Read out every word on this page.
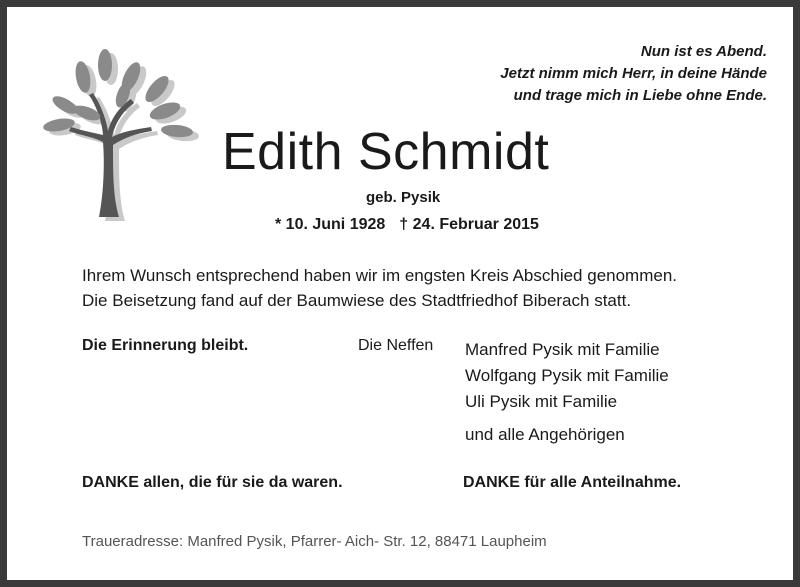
Nun ist es Abend.
Jetzt nimm mich Herr, in deine Hände
und trage mich in Liebe ohne Ende.
Edith Schmidt
geb. Pysik
* 10. Juni 1928 † 24. Februar 2015
Ihrem Wunsch entsprechend haben wir im engsten Kreis Abschied genommen.
Die Beisetzung fand auf der Baumwiese des Stadtfriedhof Biberach statt.
Die Erinnerung bleibt.	Die Neffen Manfred Pysik mit Familie
Wolfgang Pysik mit Familie
Uli Pysik mit Familie
und alle Angehörigen
DANKE allen, die für sie da waren.	DANKE für alle Anteilnahme.
Traueradresse: Manfred Pysik, Pfarrer- Aich- Str. 12, 88471 Laupheim
